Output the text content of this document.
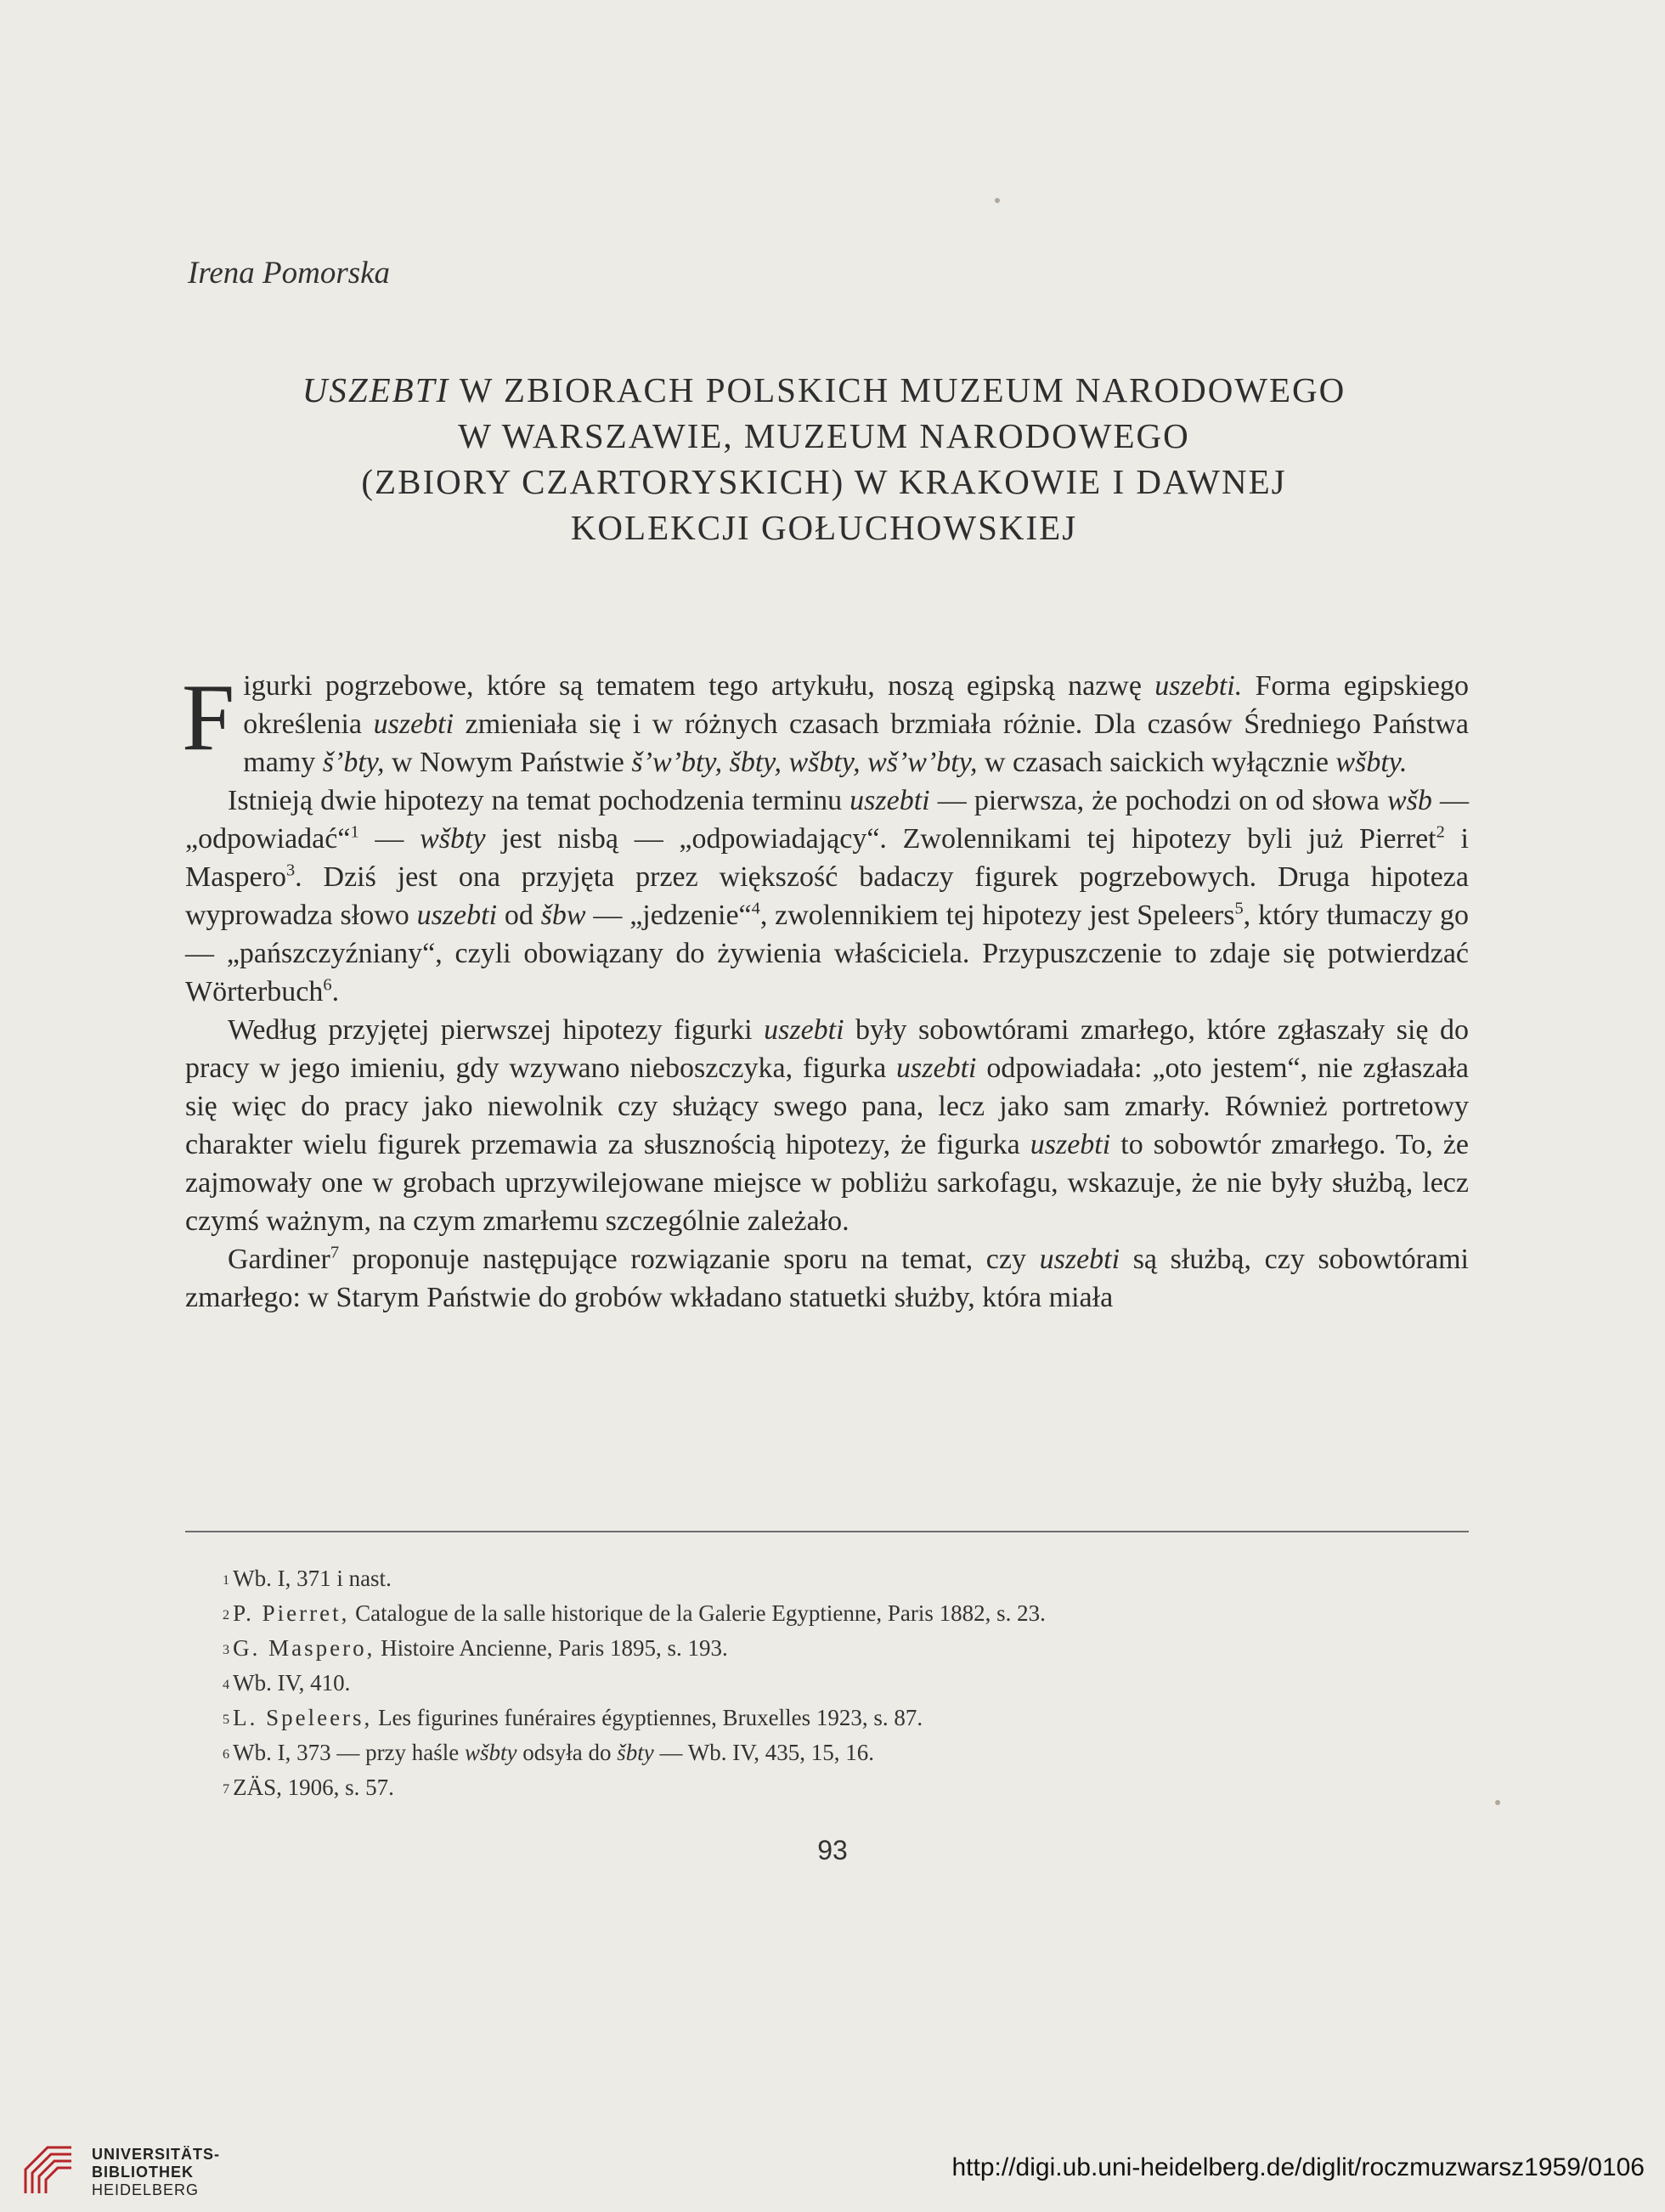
Irena Pomorska
USZEBTI W ZBIORACH POLSKICH MUZEUM NARODOWEGO
W WARSZAWIE, MUZEUM NARODOWEGO
(ZBIORY CZARTORYSKICH) W KRAKOWIE I DAWNEJ
KOLEKCJI GOŁUCHOWSKIEJ

Figurki pogrzebowe, które są tematem tego artykułu, noszą egipską nazwę uszebti. Forma egipskiego określenia uszebti zmieniała się i w różnych czasach brzmiała różnie. Dla czasów Średniego Państwa mamy š’bty, w Nowym Państwie š’w’bty, šbty, wšbty, wš’w’bty, w czasach saickich wyłącznie wšbty.

Istnieją dwie hipotezy na temat pochodzenia terminu uszebti — pierwsza, że pochodzi on od słowa wšb — „odpowiadać“$^1$ — wšbty jest nisbą — „odpowiadający“. Zwolennikami tej hipotezy byli już Pierret$^2$ i Maspero$^3$. Dziś jest ona przyjęta przez większość badaczy figurek pogrzebowych. Druga hipoteza wyprowadza słowo uszebti od šbw — „jedzenie“$^4$, zwolennikiem tej hipotezy jest Speleers$^5$, który tłumaczy go — „pańszczyźniany“, czyli obowiązany do żywienia właściciela. Przypuszczenie to zdaje się potwierdzać Wörterbuch$^6$.

Według przyjętej pierwszej hipotezy figurki uszebti były sobowtórami zmarłego, które zgłaszały się do pracy w jego imieniu, gdy wzywano nieboszczyka, figurka uszebti odpowiadała: „oto jestem“, nie zgłaszała się więc do pracy jako niewolnik czy służący swego pana, lecz jako sam zmarły. Również portretowy charakter wielu figurek przemawia za słusznością hipotezy, że figurka uszebti to sobowtór zmarłego. To, że zajmowały one w grobach uprzywilejowane miejsce w pobliżu sarkofagu, wskazuje, że nie były służbą, lecz czymś ważnym, na czym zmarłemu szczególnie zależało.

Gardiner$^7$ proponuje następujące rozwiązanie sporu na temat, czy uszebti są służbą, czy sobowtórami zmarłego: w Starym Państwie do grobów wkładano statuetki służby, która miała

$^1$ Wb. I, 371 i nast.
$^2$ P. Pierret, Catalogue de la salle historique de la Galerie Egyptienne, Paris 1882, s. 23.
$^3$ G. Maspero, Histoire Ancienne, Paris 1895, s. 193.
$^4$ Wb. IV, 410.
$^5$ L. Speleers, Les figurines funéraires égyptiennes, Bruxelles 1923, s. 87.
$^6$ Wb. I, 373 — przy haśle wšbty odsyła do šbty — Wb. IV, 435, 15, 16.
$^7$ ZÄS, 1906, s. 57.
93
UNIVERSITÄTS-
BIBLIOTHEK
HEIDELBERG
http://digi.ub.uni-heidelberg.de/diglit/roczmuzwarsz1959/0106
